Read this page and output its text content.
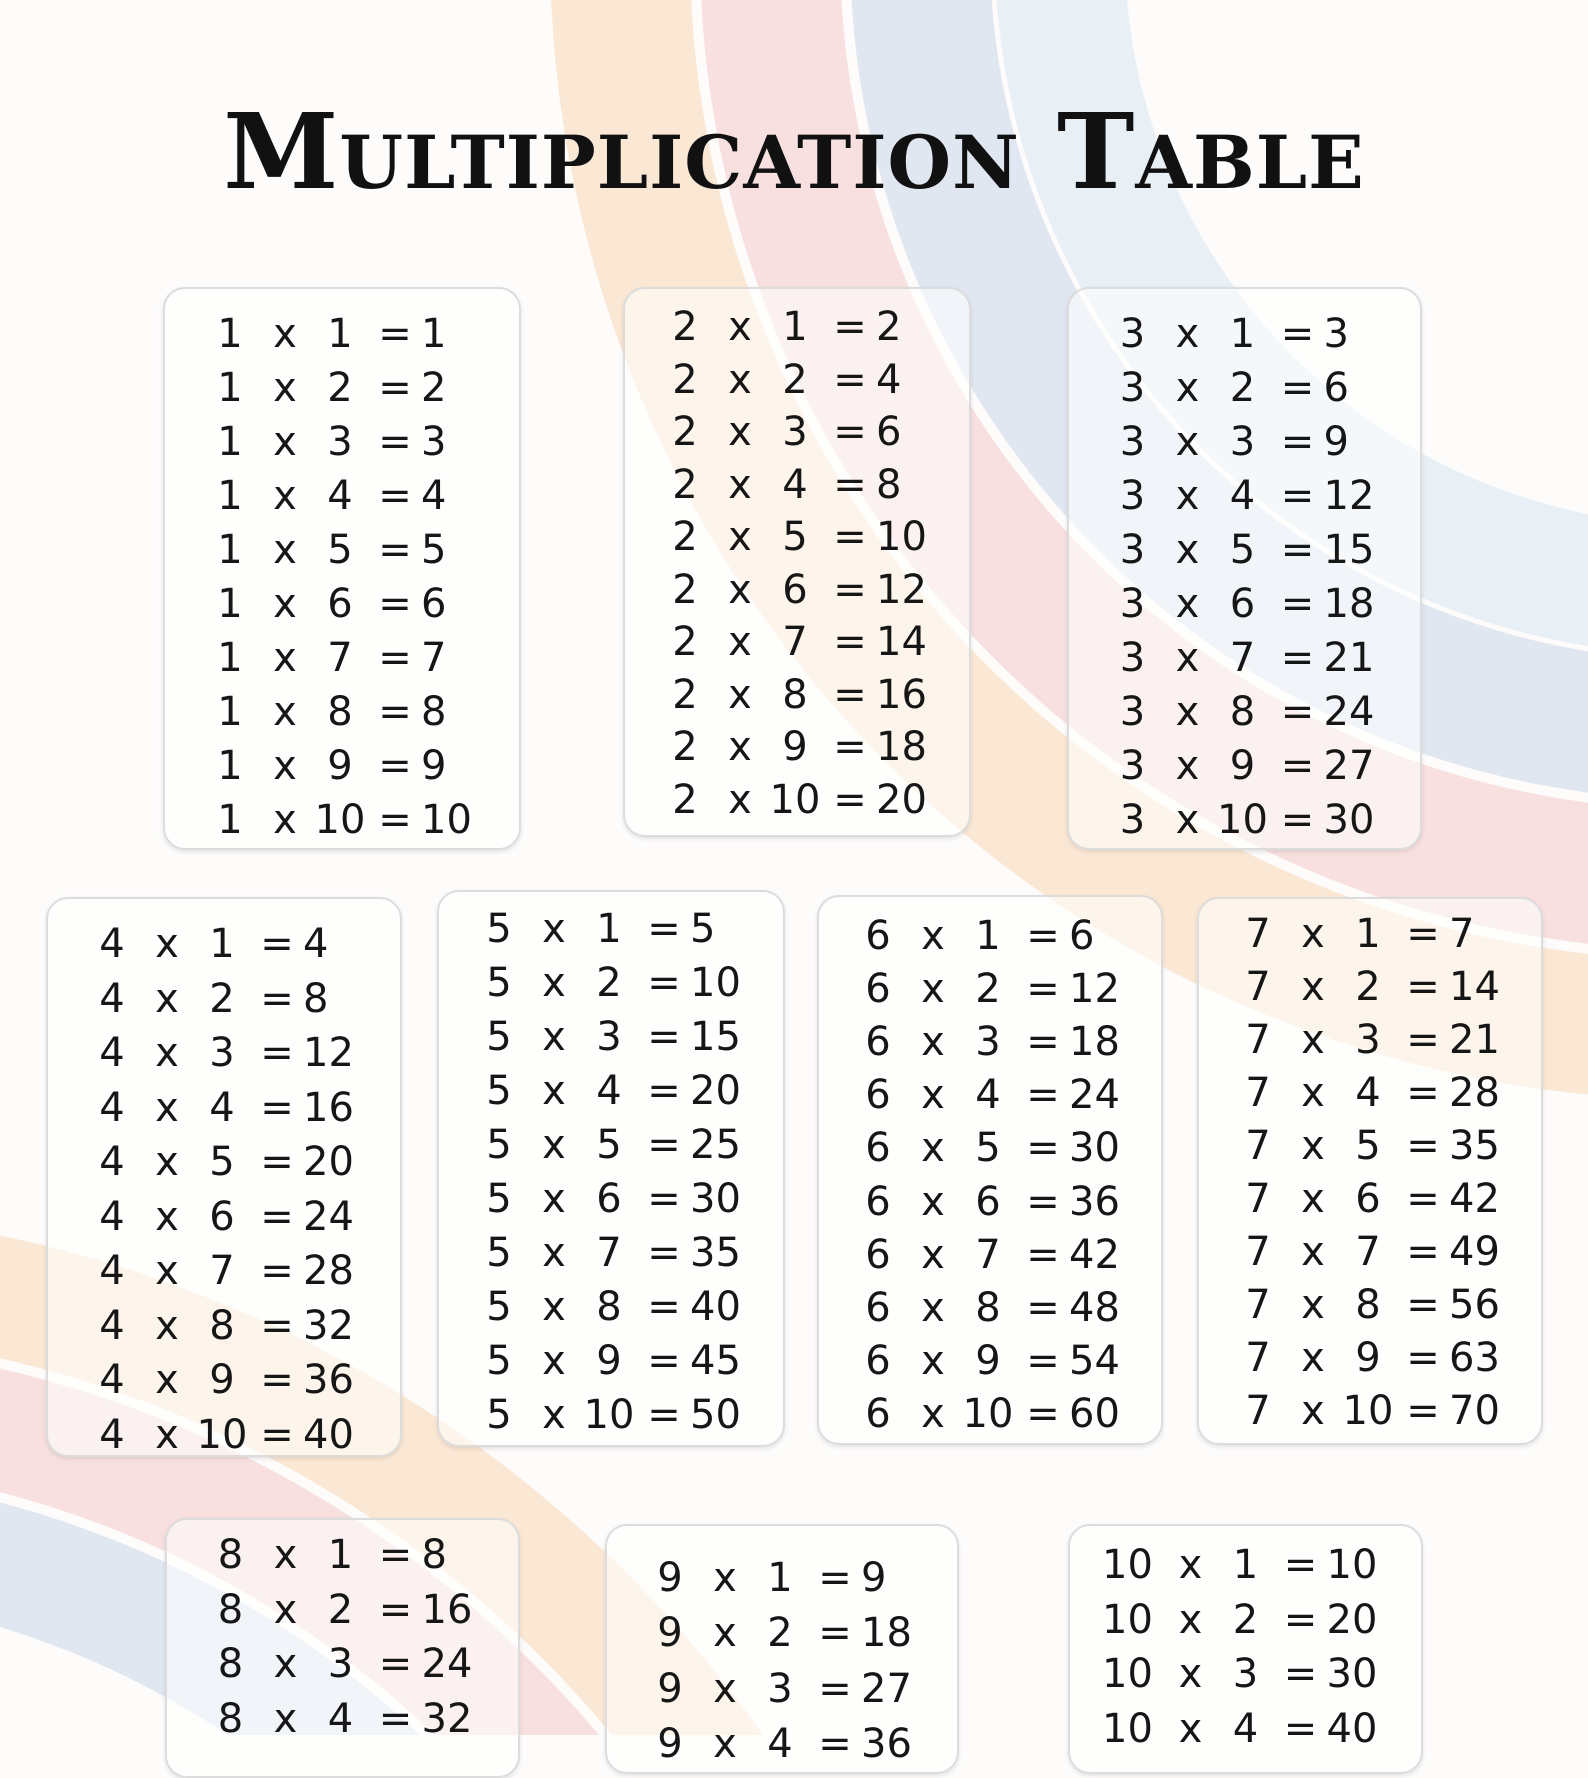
Multiplication Table
1 x 1 = 1
1 x 2 = 2
1 x 3 = 3
1 x 4 = 4
1 x 5 = 5
1 x 6 = 6
1 x 7 = 7
1 x 8 = 8
1 x 9 = 9
1 x 10 = 10
2 x 1 = 2
2 x 2 = 4
2 x 3 = 6
2 x 4 = 8
2 x 5 = 10
2 x 6 = 12
2 x 7 = 14
2 x 8 = 16
2 x 9 = 18
2 x 10 = 20
3 x 1 = 3
3 x 2 = 6
3 x 3 = 9
3 x 4 = 12
3 x 5 = 15
3 x 6 = 18
3 x 7 = 21
3 x 8 = 24
3 x 9 = 27
3 x 10 = 30
4 x 1 = 4
4 x 2 = 8
4 x 3 = 12
4 x 4 = 16
4 x 5 = 20
4 x 6 = 24
4 x 7 = 28
4 x 8 = 32
4 x 9 = 36
4 x 10 = 40
5 x 1 = 5
5 x 2 = 10
5 x 3 = 15
5 x 4 = 20
5 x 5 = 25
5 x 6 = 30
5 x 7 = 35
5 x 8 = 40
5 x 9 = 45
5 x 10 = 50
6 x 1 = 6
6 x 2 = 12
6 x 3 = 18
6 x 4 = 24
6 x 5 = 30
6 x 6 = 36
6 x 7 = 42
6 x 8 = 48
6 x 9 = 54
6 x 10 = 60
7 x 1 = 7
7 x 2 = 14
7 x 3 = 21
7 x 4 = 28
7 x 5 = 35
7 x 6 = 42
7 x 7 = 49
7 x 8 = 56
7 x 9 = 63
7 x 10 = 70
8 x 1 = 8
8 x 2 = 16
8 x 3 = 24
8 x 4 = 32
9 x 1 = 9
9 x 2 = 18
9 x 3 = 27
9 x 4 = 36
10 x 1 = 10
10 x 2 = 20
10 x 3 = 30
10 x 4 = 40
